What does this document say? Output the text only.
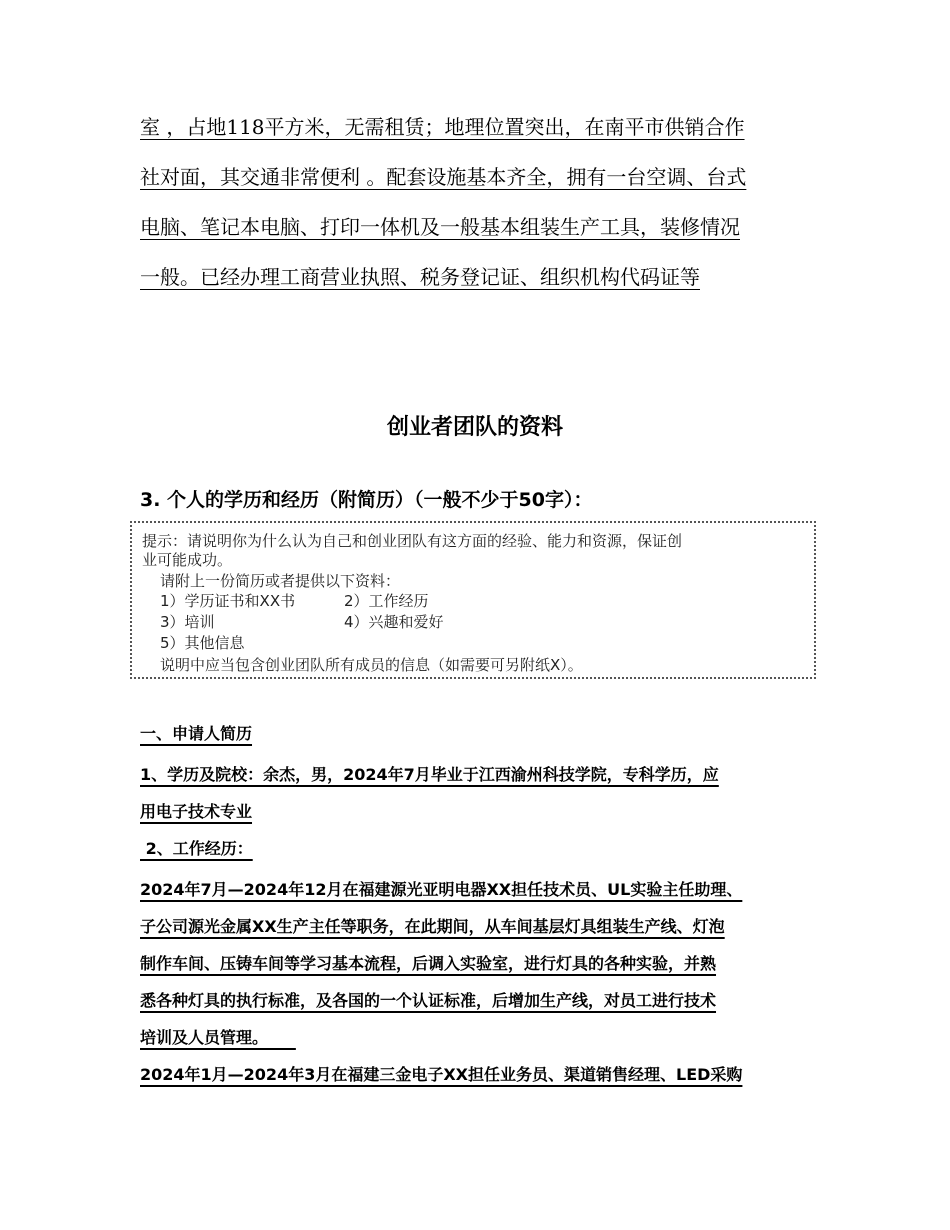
室 ，占地118平方米，无需租赁；地理位置突出，在南平市供销合作
社对面，其交通非常便利 。配套设施基本齐全，拥有一台空调、台式
电脑、笔记本电脑、打印一体机及一般基本组装生产工具，装修情况
一般。已经办理工商营业执照、税务登记证、组织机构代码证等
创业者团队的资料
3. 个人的学历和经历（附简历）（一般不少于50字）：
提示：请说明你为什么认为自己和创业团队有这方面的经验、能力和资源，保证创
业可能成功。
请附上一份简历或者提供以下资料：
1）学历证书和XX书	2）工作经历
3）培训	4）兴趣和爱好
5）其他信息
说明中应当包含创业团队所有成员的信息（如需要可另附纸X）。
一、申请人简历
1、学历及院校：余杰，男，2024年7月毕业于江西渝州科技学院，专科学历，应
用电子技术专业
2、工作经历：
2024年7月—2024年12月在福建源光亚明电器XX担任技术员、UL实验主任助理、
子公司源光金属XX生产主任等职务，在此期间，从车间基层灯具组装生产线、灯泡
制作车间、压铸车间等学习基本流程，后调入实验室，进行灯具的各种实验，并熟
悉各种灯具的执行标准，及各国的一个认证标准，后增加生产线，对员工进行技术
培训及人员管理。
2024年1月—2024年3月在福建三金电子XX担任业务员、渠道销售经理、LED采购
